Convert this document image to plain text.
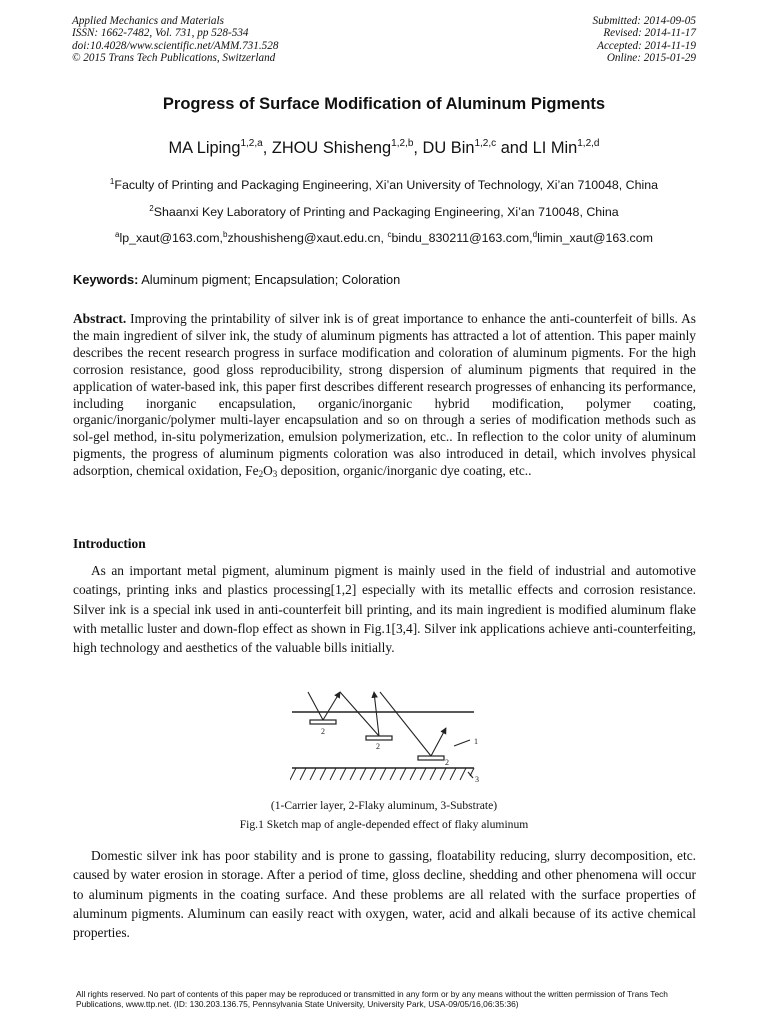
Applied Mechanics and Materials
ISSN: 1662-7482, Vol. 731, pp 528-534
doi:10.4028/www.scientific.net/AMM.731.528
© 2015 Trans Tech Publications, Switzerland
Submitted: 2014-09-05
Revised: 2014-11-17
Accepted: 2014-11-19
Online: 2015-01-29
Progress of Surface Modification of Aluminum Pigments
MA Liping$^{1,2,a}$, ZHOU Shisheng$^{1,2,b}$, DU Bin$^{1,2,c}$ and LI Min$^{1,2,d}$
$^1$Faculty of Printing and Packaging Engineering, Xi’an University of Technology, Xi’an 710048, China
$^2$Shaanxi Key Laboratory of Printing and Packaging Engineering, Xi’an 710048, China
$^a$lp_xaut@163.com,$^b$zhoushisheng@xaut.edu.cn, $^c$bindu_830211@163.com,$^d$limin_xaut@163.com
Keywords: Aluminum pigment; Encapsulation; Coloration
Abstract. Improving the printability of silver ink is of great importance to enhance the anti-counterfeit of bills. As the main ingredient of silver ink, the study of aluminum pigments has attracted a lot of attention. This paper mainly describes the recent research progress in surface modification and coloration of aluminum pigments. For the high corrosion resistance, good gloss reproducibility, strong dispersion of aluminum pigments that required in the application of water-based ink, this paper first describes different research progresses of enhancing its performance, including inorganic encapsulation, organic/inorganic hybrid modification, polymer coating, organic/inorganic/polymer multi-layer encapsulation and so on through a series of modification methods such as sol-gel method, in-situ polymerization, emulsion polymerization, etc.. In reflection to the color unity of aluminum pigments, the progress of aluminum pigments coloration was also introduced in detail, which involves physical adsorption, chemical oxidation, $Fe_2O_3$ deposition, organic/inorganic dye coating, etc..
Introduction
As an important metal pigment, aluminum pigment is mainly used in the field of industrial and automotive coatings, printing inks and plastics processing[1,2] especially with its metallic effects and corrosion resistance. Silver ink is a special ink used in anti-counterfeit bill printing, and its main ingredient is modified aluminum flake with metallic luster and down-flop effect as shown in Fig.1[3,4]. Silver ink applications achieve anti-counterfeiting, high technology and aesthetics of the valuable bills initially.
2
2
2
1
3
(1-Carrier layer, 2-Flaky aluminum, 3-Substrate)
Fig.1 Sketch map of angle-depended effect of flaky aluminum
Domestic silver ink has poor stability and is prone to gassing, floatability reducing, slurry decomposition, etc. caused by water erosion in storage. After a period of time, gloss decline, shedding and other phenomena will occur to aluminum pigments in the coating surface. And these problems are all related with the surface properties of aluminum pigments. Aluminum can easily react with oxygen, water, acid and alkali because of its active chemical properties.
All rights reserved. No part of contents of this paper may be reproduced or transmitted in any form or by any means without the written permission of Trans Tech Publications, www.ttp.net. (ID: 130.203.136.75, Pennsylvania State University, University Park, USA-09/05/16,06:35:36)
